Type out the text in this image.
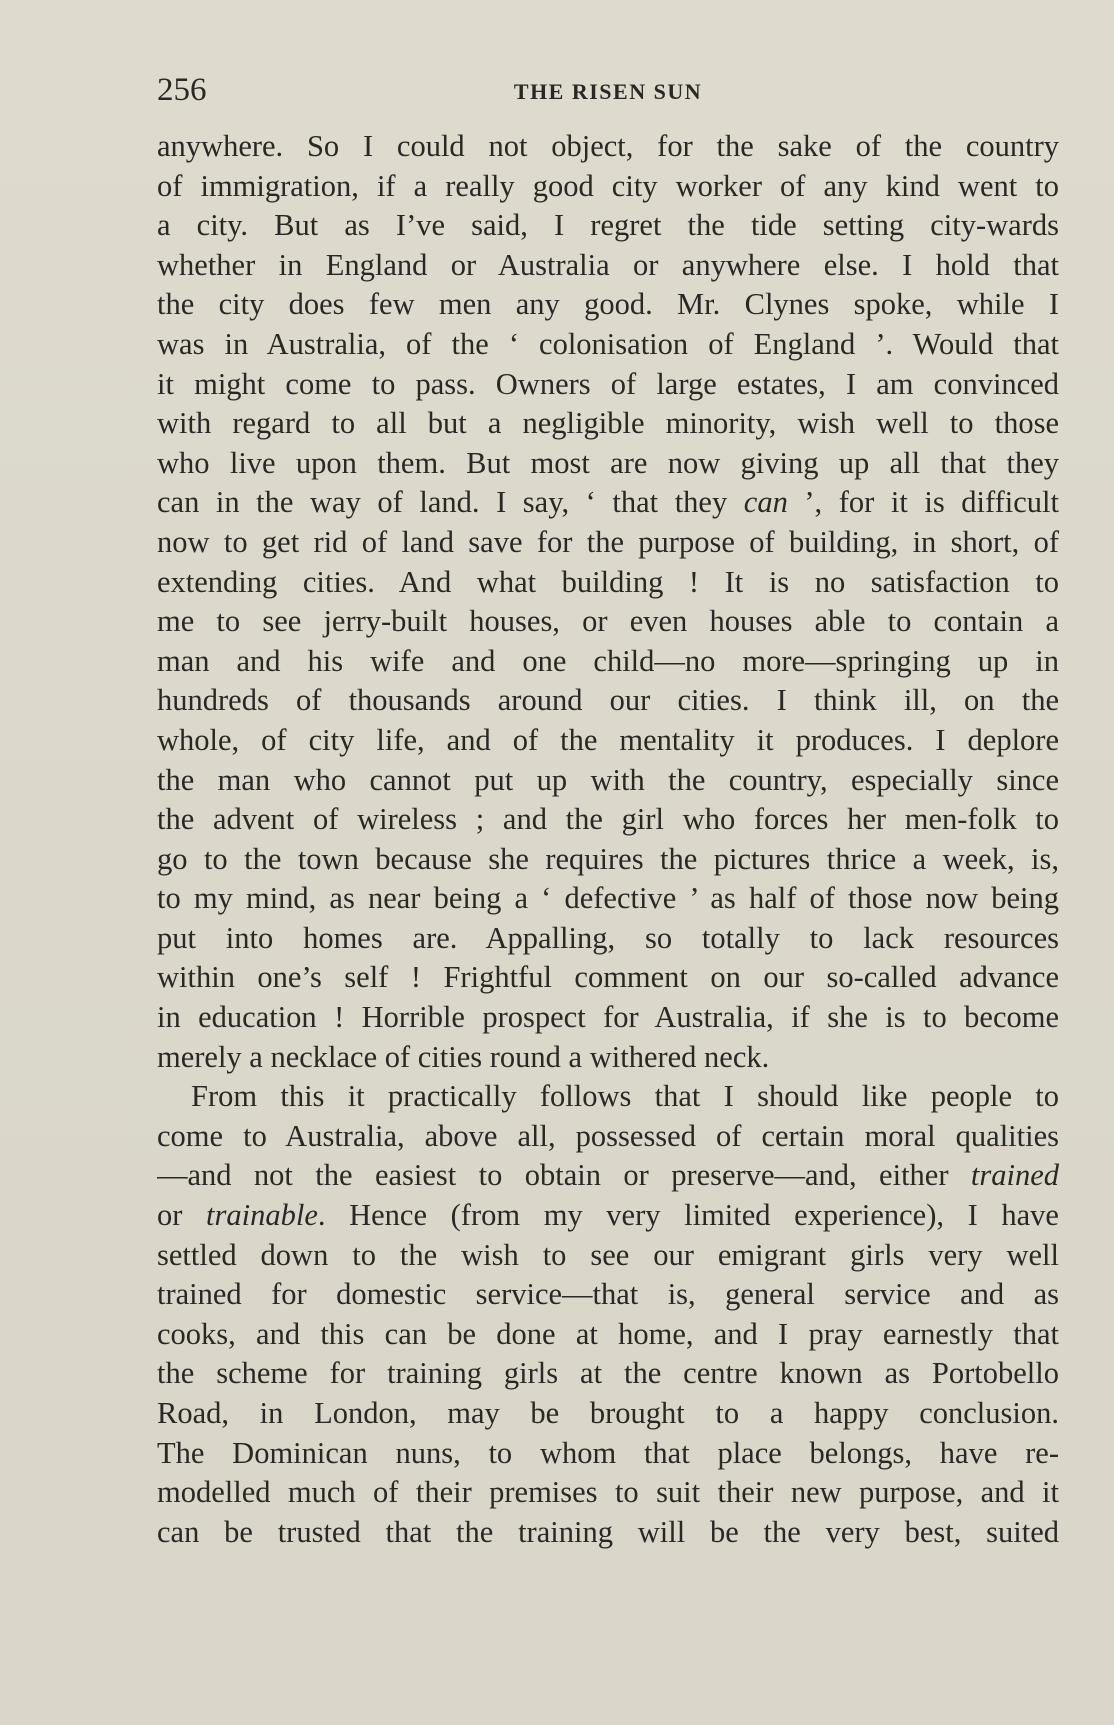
256	THE RISEN SUN
anywhere. So I could not object, for the sake of the country
of immigration, if a really good city worker of any kind went to
a city. But as I’ve said, I regret the tide setting city-wards
whether in England or Australia or anywhere else. I hold that
the city does few men any good. Mr. Clynes spoke, while I
was in Australia, of the ‘ colonisation of England ’. Would that
it might come to pass. Owners of large estates, I am convinced
with regard to all but a negligible minority, wish well to those
who live upon them. But most are now giving up all that they
can in the way of land. I say, ‘ that they can ’, for it is difficult
now to get rid of land save for the purpose of building, in short, of
extending cities. And what building ! It is no satisfaction to
me to see jerry-built houses, or even houses able to contain a
man and his wife and one child—no more—springing up in
hundreds of thousands around our cities. I think ill, on the
whole, of city life, and of the mentality it produces. I deplore
the man who cannot put up with the country, especially since
the advent of wireless ; and the girl who forces her men-folk to
go to the town because she requires the pictures thrice a week, is,
to my mind, as near being a ‘ defective ’ as half of those now being
put into homes are. Appalling, so totally to lack resources
within one’s self ! Frightful comment on our so-called advance
in education ! Horrible prospect for Australia, if she is to become
merely a necklace of cities round a withered neck.
From this it practically follows that I should like people to
come to Australia, above all, possessed of certain moral qualities
—and not the easiest to obtain or preserve—and, either trained
or trainable. Hence (from my very limited experience), I have
settled down to the wish to see our emigrant girls very well
trained for domestic service—that is, general service and as
cooks, and this can be done at home, and I pray earnestly that
the scheme for training girls at the centre known as Portobello
Road, in London, may be brought to a happy conclusion.
The Dominican nuns, to whom that place belongs, have re-
modelled much of their premises to suit their new purpose, and it
can be trusted that the training will be the very best, suited
